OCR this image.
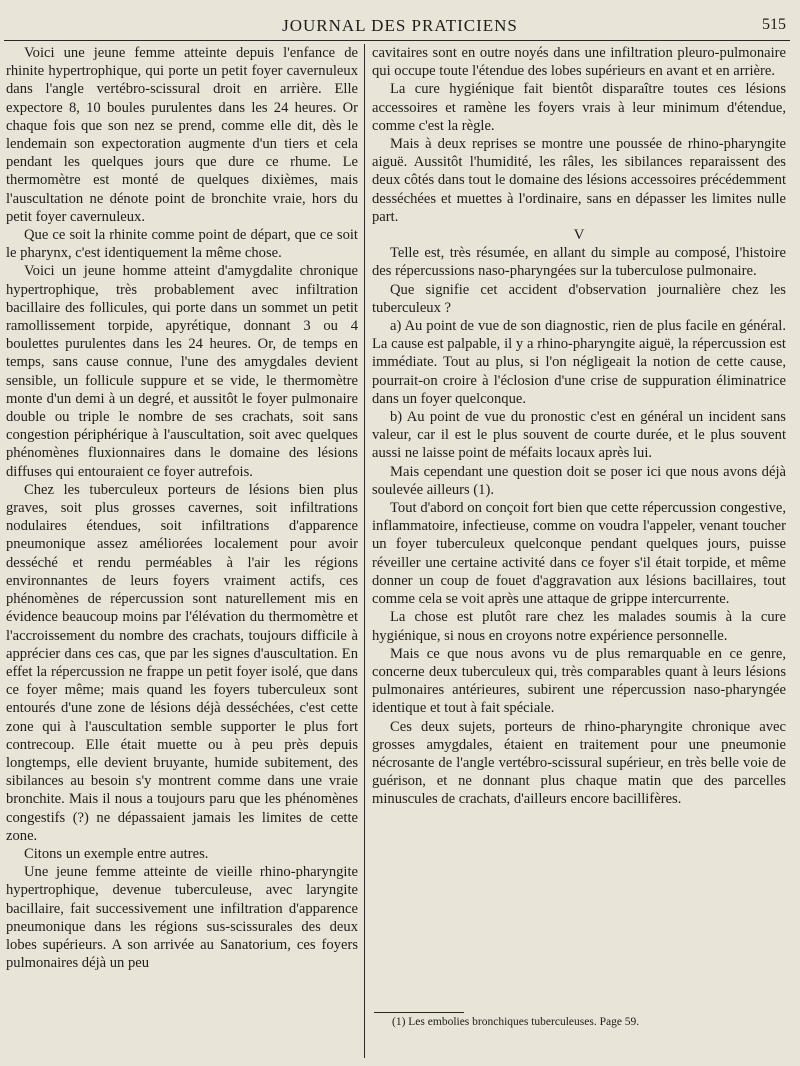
JOURNAL DES PRATICIENS	515

Voici une jeune femme atteinte depuis l'enfance de rhinite hypertrophique, qui porte un petit foyer cavernuleux dans l'angle vertébro-scissural droit en arrière. Elle expectore 8, 10 boules purulentes dans les 24 heures. Or chaque fois que son nez se prend, comme elle dit, dès le lendemain son expectoration augmente d'un tiers et cela pendant les quelques jours que dure ce rhume. Le thermomètre est monté de quelques dixièmes, mais l'auscultation ne dénote point de bronchite vraie, hors du petit foyer cavernuleux.

Que ce soit la rhinite comme point de départ, que ce soit le pharynx, c'est identiquement la même chose.

Voici un jeune homme atteint d'amygdalite chronique hypertrophique, très probablement avec infiltration bacillaire des follicules, qui porte dans un sommet un petit ramollissement torpide, apyrétique, donnant 3 ou 4 boulettes purulentes dans les 24 heures. Or, de temps en temps, sans cause connue, l'une des amygdales devient sensible, un follicule suppure et se vide, le thermomètre monte d'un demi à un degré, et aussitôt le foyer pulmonaire double ou triple le nombre de ses crachats, soit sans congestion périphérique à l'auscultation, soit avec quelques phénomènes fluxionnaires dans le domaine des lésions diffuses qui entouraient ce foyer autrefois.

Chez les tuberculeux porteurs de lésions bien plus graves, soit plus grosses cavernes, soit infiltrations nodulaires étendues, soit infiltrations d'apparence pneumonique assez améliorées localement pour avoir desséché et rendu perméables à l'air les régions environnantes de leurs foyers vraiment actifs, ces phénomènes de répercussion sont naturellement mis en évidence beaucoup moins par l'élévation du thermomètre et l'accroissement du nombre des crachats, toujours difficile à apprécier dans ces cas, que par les signes d'auscultation. En effet la répercussion ne frappe un petit foyer isolé, que dans ce foyer même; mais quand les foyers tuberculeux sont entourés d'une zone de lésions déjà desséchées, c'est cette zone qui à l'auscultation semble supporter le plus fort contrecoup. Elle était muette ou à peu près depuis longtemps, elle devient bruyante, humide subitement, des sibilances au besoin s'y montrent comme dans une vraie bronchite. Mais il nous a toujours paru que les phénomènes congestifs (?) ne dépassaient jamais les limites de cette zone.

Citons un exemple entre autres.

Une jeune femme atteinte de vieille rhino-pharyngite hypertrophique, devenue tuberculeuse, avec laryngite bacillaire, fait successivement une infiltration d'apparence pneumonique dans les régions sus-scissurales des deux lobes supérieurs. A son arrivée au Sanatorium, ces foyers pulmonaires déjà un peu

cavitaires sont en outre noyés dans une infiltration pleuro-pulmonaire qui occupe toute l'étendue des lobes supérieurs en avant et en arrière.

La cure hygiénique fait bientôt disparaître toutes ces lésions accessoires et ramène les foyers vrais à leur minimum d'étendue, comme c'est la règle.

Mais à deux reprises se montre une poussée de rhino-pharyngite aiguë. Aussitôt l'humidité, les râles, les sibilances reparaissent des deux côtés dans tout le domaine des lésions accessoires précédemment desséchées et muettes à l'ordinaire, sans en dépasser les limites nulle part.

V

Telle est, très résumée, en allant du simple au composé, l'histoire des répercussions naso-pharyngées sur la tuberculose pulmonaire.

Que signifie cet accident d'observation journalière chez les tuberculeux ?

a) Au point de vue de son diagnostic, rien de plus facile en général. La cause est palpable, il y a rhino-pharyngite aiguë, la répercussion est immédiate. Tout au plus, si l'on négligeait la notion de cette cause, pourrait-on croire à l'éclosion d'une crise de suppuration éliminatrice dans un foyer quelconque.

b) Au point de vue du pronostic c'est en général un incident sans valeur, car il est le plus souvent de courte durée, et le plus souvent aussi ne laisse point de méfaits locaux après lui.

Mais cependant une question doit se poser ici que nous avons déjà soulevée ailleurs (1).

Tout d'abord on conçoit fort bien que cette répercussion congestive, inflammatoire, infectieuse, comme on voudra l'appeler, venant toucher un foyer tuberculeux quelconque pendant quelques jours, puisse réveiller une certaine activité dans ce foyer s'il était torpide, et même donner un coup de fouet d'aggravation aux lésions bacillaires, tout comme cela se voit après une attaque de grippe intercurrente.

La chose est plutôt rare chez les malades soumis à la cure hygiénique, si nous en croyons notre expérience personnelle.

Mais ce que nous avons vu de plus remarquable en ce genre, concerne deux tuberculeux qui, très comparables quant à leurs lésions pulmonaires antérieures, subirent une répercussion naso-pharyngée identique et tout à fait spéciale.

Ces deux sujets, porteurs de rhino-pharyngite chronique avec grosses amygdales, étaient en traitement pour une pneumonie nécrosante de l'angle vertébro-scissural supérieur, en très belle voie de guérison, et ne donnant plus chaque matin que des parcelles minuscules de crachats, d'ailleurs encore bacillifères.

(1) Les embolies bronchiques tuberculeuses. Page 59.
